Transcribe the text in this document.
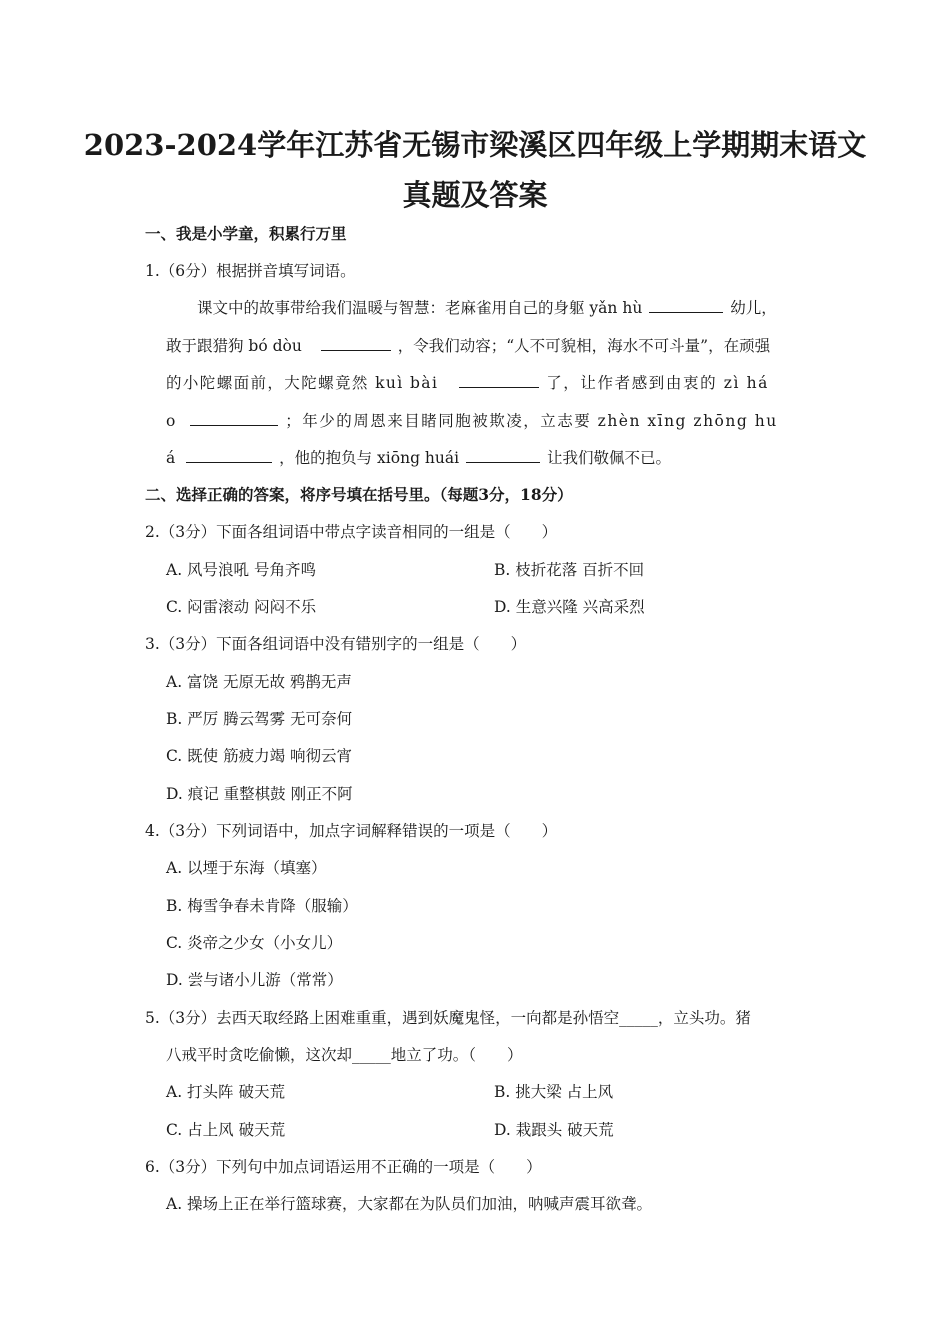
2023-2024学年江苏省无锡市梁溪区四年级上学期期末语文
真题及答案
一、我是小学童，积累行万里
1.（6分）根据拼音填写词语。
课文中的故事带给我们温暖与智慧：老麻雀用自己的身躯 yǎn hù	幼儿，
敢于跟猎狗 bó dòu	，令我们动容；“人不可貌相，海水不可斗量”，在顽强
的小陀螺面前，大陀螺竟然 kuì bài	了，让作者感到由衷的 zì há
o	；年少的周恩来目睹同胞被欺凌，立志要 zhèn xīng zhōng hu
á	，他的抱负与 xiōng huái	让我们敬佩不已。
二、选择正确的答案，将序号填在括号里。（每题3分，18分）
2.（3分）下面各组词语中带点字读音相同的一组是（　　）
A. 风号浪吼 号角齐鸣	B. 枝折花落 百折不回
C. 闷雷滚动 闷闷不乐	D. 生意兴隆 兴高采烈
3.（3分）下面各组词语中没有错别字的一组是（　　）
A. 富饶 无原无故 鸦鹊无声
B. 严厉 腾云驾雾 无可奈何
C. 既使 筋疲力竭 响彻云宵
D. 痕记 重整棋鼓 刚正不阿
4.（3分）下列词语中，加点字词解释错误的一项是（　　）
A. 以堙于东海（填塞）
B. 梅雪争春未肯降（服输）
C. 炎帝之少女（小女儿）
D. 尝与诸小儿游（常常）
5.（3分）去西天取经路上困难重重，遇到妖魔鬼怪，一向都是孙悟空_____，立头功。猪
八戒平时贪吃偷懒，这次却_____地立了功。（　　）
A. 打头阵 破天荒	B. 挑大梁 占上风
C. 占上风 破天荒	D. 栽跟头 破天荒
6.（3分）下列句中加点词语运用不正确的一项是（　　）
A. 操场上正在举行篮球赛，大家都在为队员们加油，呐喊声震耳欲聋。
